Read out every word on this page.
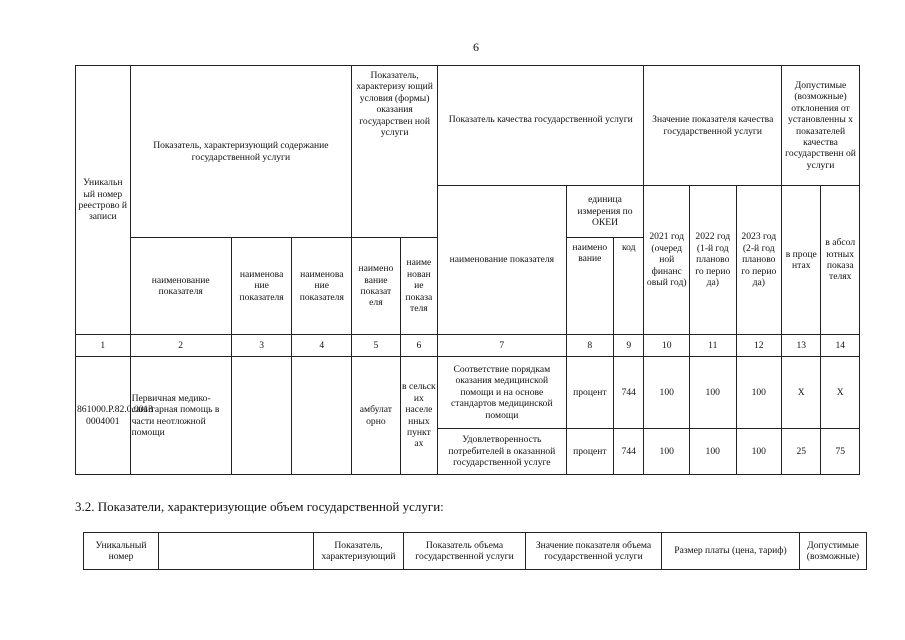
6
Уникальн ый номер реестрово й записи	Показатель, характеризующий содержание государственной услуги			Показатель, характеризу ющий условия (формы) оказания государствен ной услуги		Показатель качества государственной услуги			Значение показателя качества государственной услуги			Допустимые (возможные) отклонения от установленны х показателей качества государственн ой услуги	
						наименование показателя	единица измерения по ОКЕИ		2021 год (очеред ной финанс овый год)	2022 год (1-й год планово го перио да)	2023 год (2-й год планово го перио да)	в проце нтах	в абсол ютных показа телях
	наименование показателя	наименова ние показателя	наименова ние показателя	наимено вание показат еля	наиме нован ие показа теля		наимено вание	код					
1	2	3	4	5	6	7	8	9	10	11	12	13	14
861000.Р.82.0.0013 0004001	Первичная медико-санитарная помощь в части неотложной помощи			амбулат орно	в сельск их населе нных пункт ах	Соответствие порядкам оказания медицинской помощи и на основе стандартов медицинской помощи	процент	744	100	100	100	X	X
						Удовлетворенность потребителей в оказанной государственной услуге	процент	744	100	100	100	25	75
3.2. Показатели, характеризующие объем государственной услуги:
Уникальный номер		Показатель, характеризующий	Показатель объема государственной услуги	Значение показателя объема государственной услуги	Размер платы (цена, тариф)	Допустимые (возможные)
